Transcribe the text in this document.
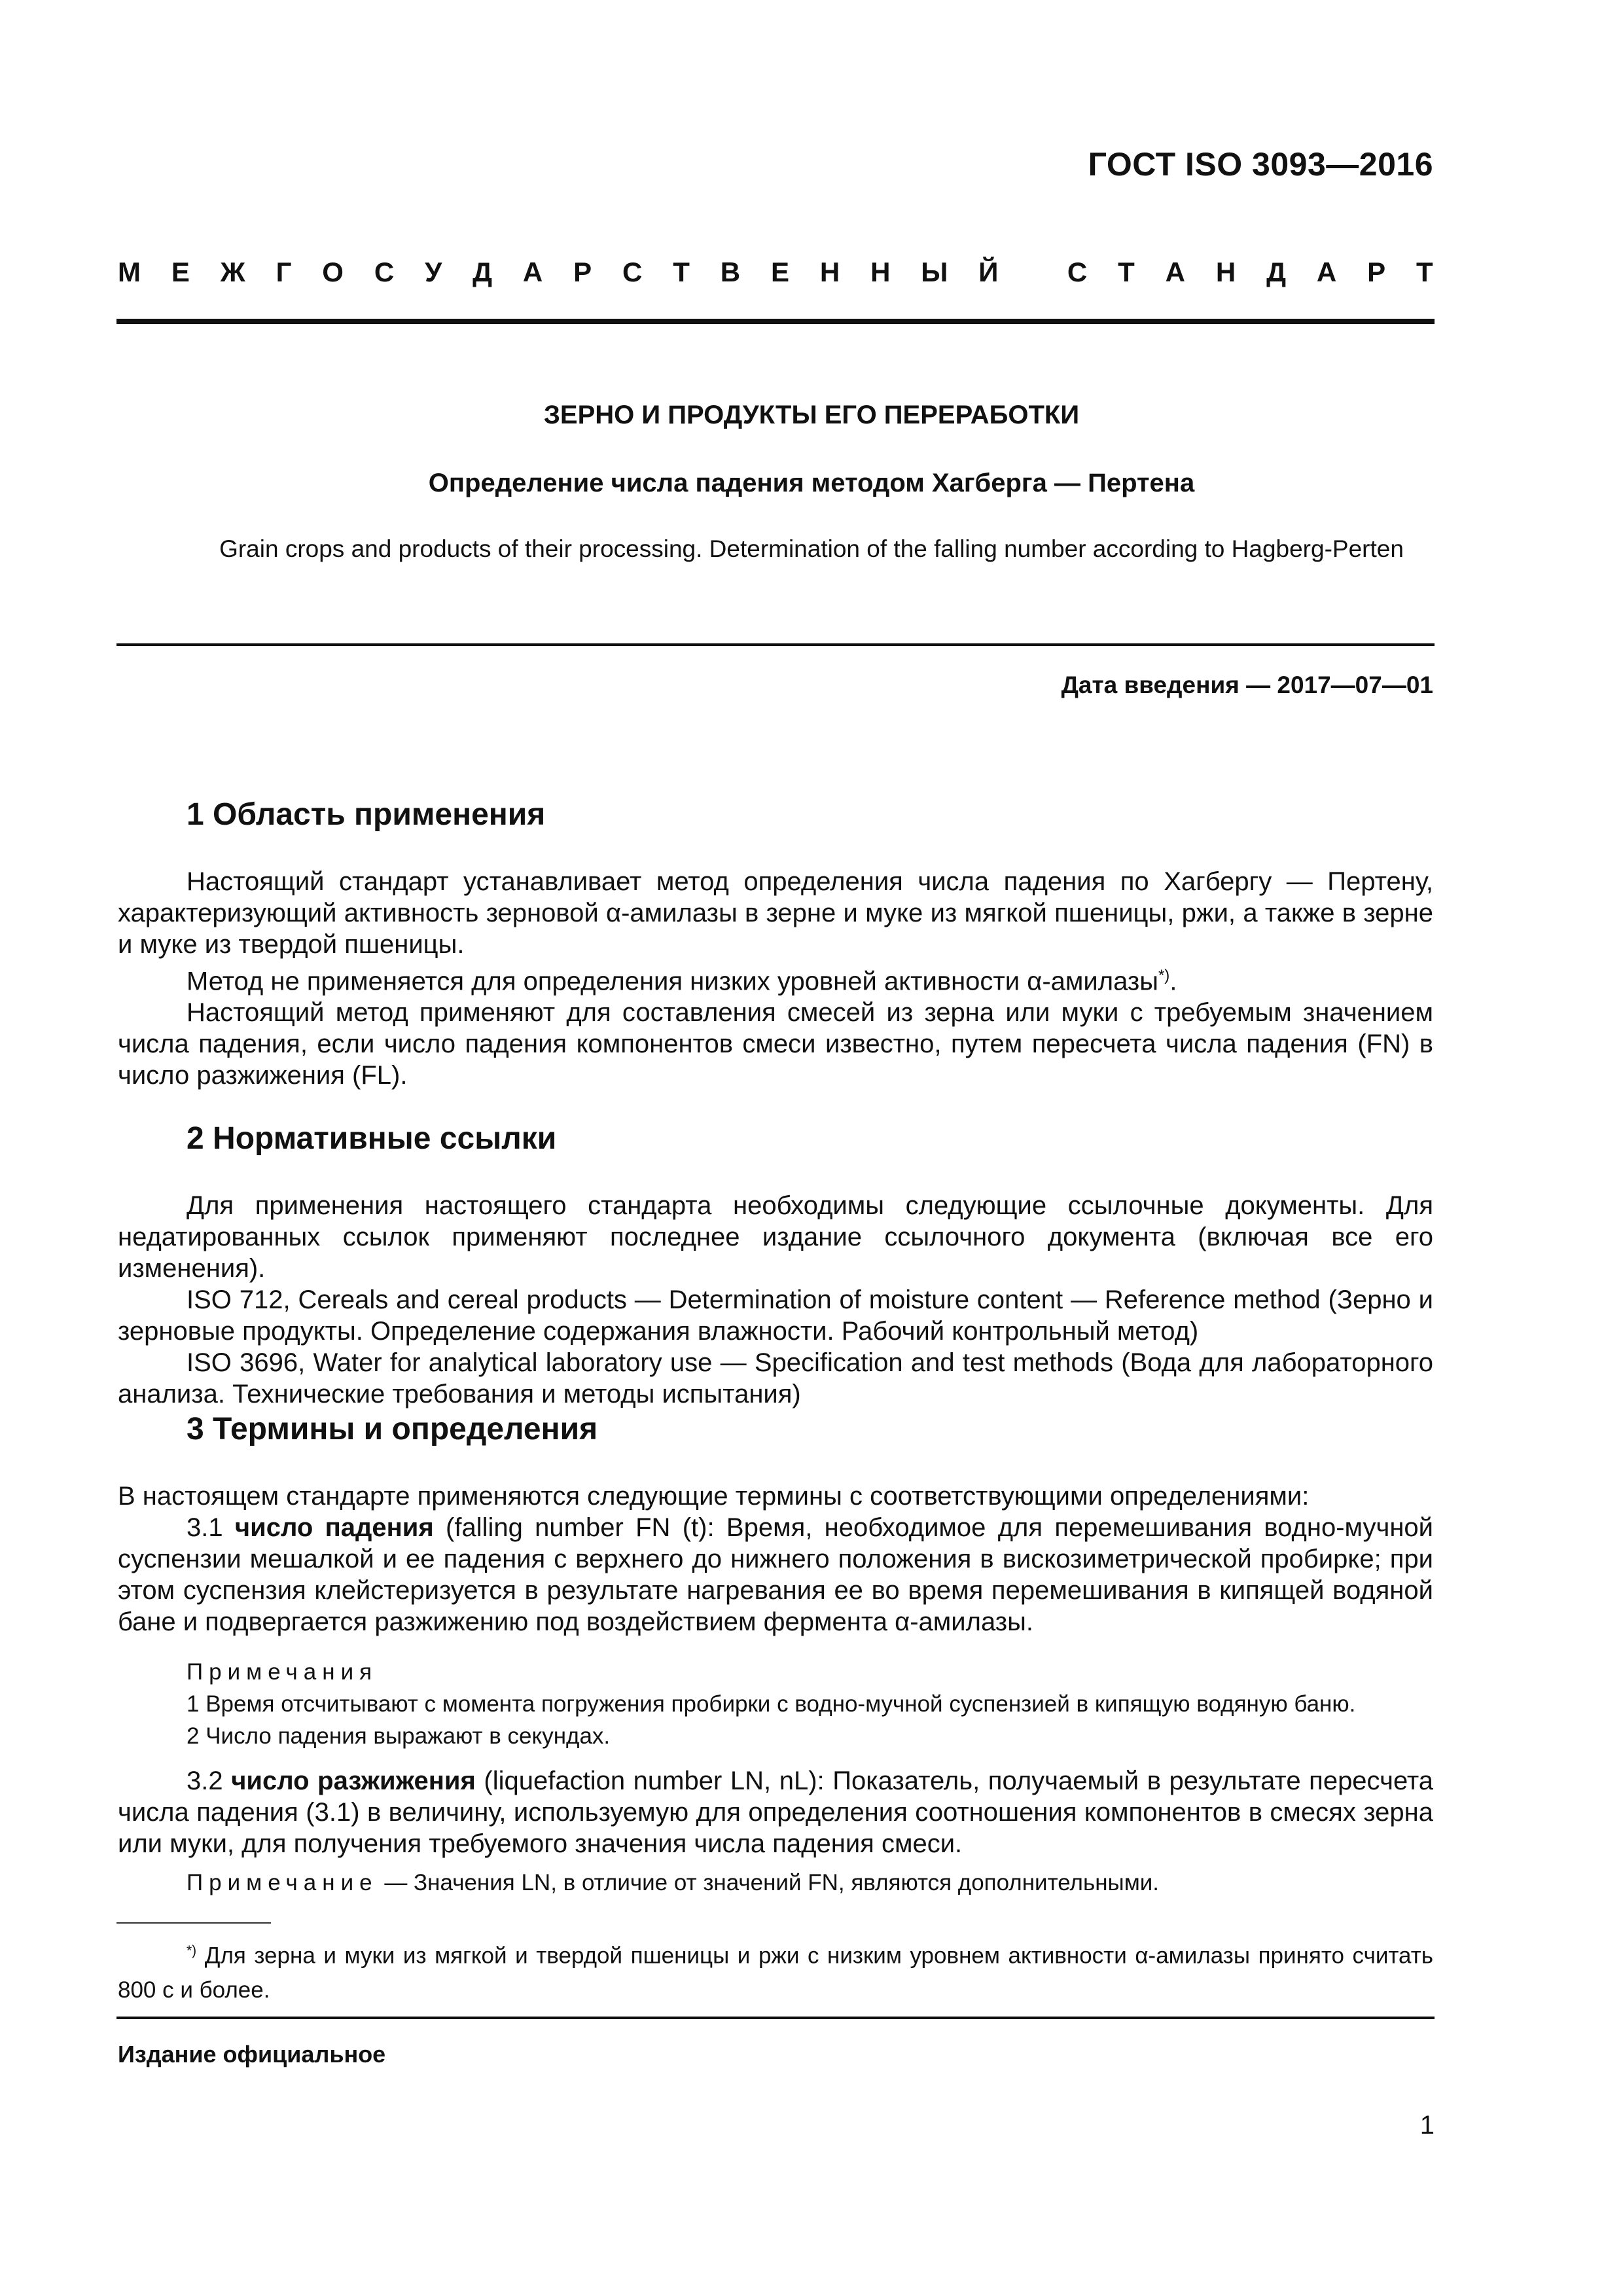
ГОСТ ISO 3093—2016
М Е Ж Г О С У Д А Р С Т В Е Н Н Ы Й
	С Т А Н Д А Р Т
ЗЕРНО И ПРОДУКТЫ ЕГО ПЕРЕРАБОТКИ
Определение числа падения методом Хагберга — Пертена
Grain crops and products of their processing. Determination of the falling number according to Hagberg-Perten
Дата введения — 2017—07—01
1 Область применения

Настоящий стандарт устанавливает метод определения числа падения по Хагбергу — Пертену, характеризующий активность зерновой α-амилазы в зерне и муке из мягкой пшеницы, ржи, а также в зерне и муке из твердой пшеницы.

Метод не применяется для определения низких уровней активности α-амилазы*).

Настоящий метод применяют для составления смесей из зерна или муки с требуемым значением числа падения, если число падения компонентов смеси известно, путем пересчета числа падения (FN) в число разжижения (FL).

2 Нормативные ссылки

Для применения настоящего стандарта необходимы следующие ссылочные документы. Для недатированных ссылок применяют последнее издание ссылочного документа (включая все его изменения).

ISO 712, Cereals and cereal products — Determination of moisture content — Reference method (Зерно и зерновые продукты. Определение содержания влажности. Рабочий контрольный метод)

ISO 3696, Water for analytical laboratory use — Specification and test methods (Вода для лабораторного анализа. Технические требования и методы испытания)

3 Термины и определения

В настоящем стандарте применяются следующие термины с соответствующими определениями:

3.1 число падения (falling number FN (t): Время, необходимое для перемешивания водно-мучной суспензии мешалкой и ее падения с верхнего до нижнего положения в вискозиметрической пробирке; при этом суспензия клейстеризуется в результате нагревания ее во время перемешивания в кипящей водяной бане и подвергается разжижению под воздействием фермента α-амилазы.

Примечания
1 Время отсчитывают с момента погружения пробирки с водно-мучной суспензией в кипящую водяную баню.
2 Число падения выражают в секундах.

3.2 число разжижения (liquefaction number LN, nL): Показатель, получаемый в результате пересчета числа падения (3.1) в величину, используемую для определения соотношения компонентов в смесях зерна или муки, для получения требуемого значения числа падения смеси.

Примечание — Значения LN, в отличие от значений FN, являются дополнительными.

*) Для зерна и муки из мягкой и твердой пшеницы и ржи с низким уровнем активности α-амилазы принято считать 800 с и более.

Издание официальное
1
